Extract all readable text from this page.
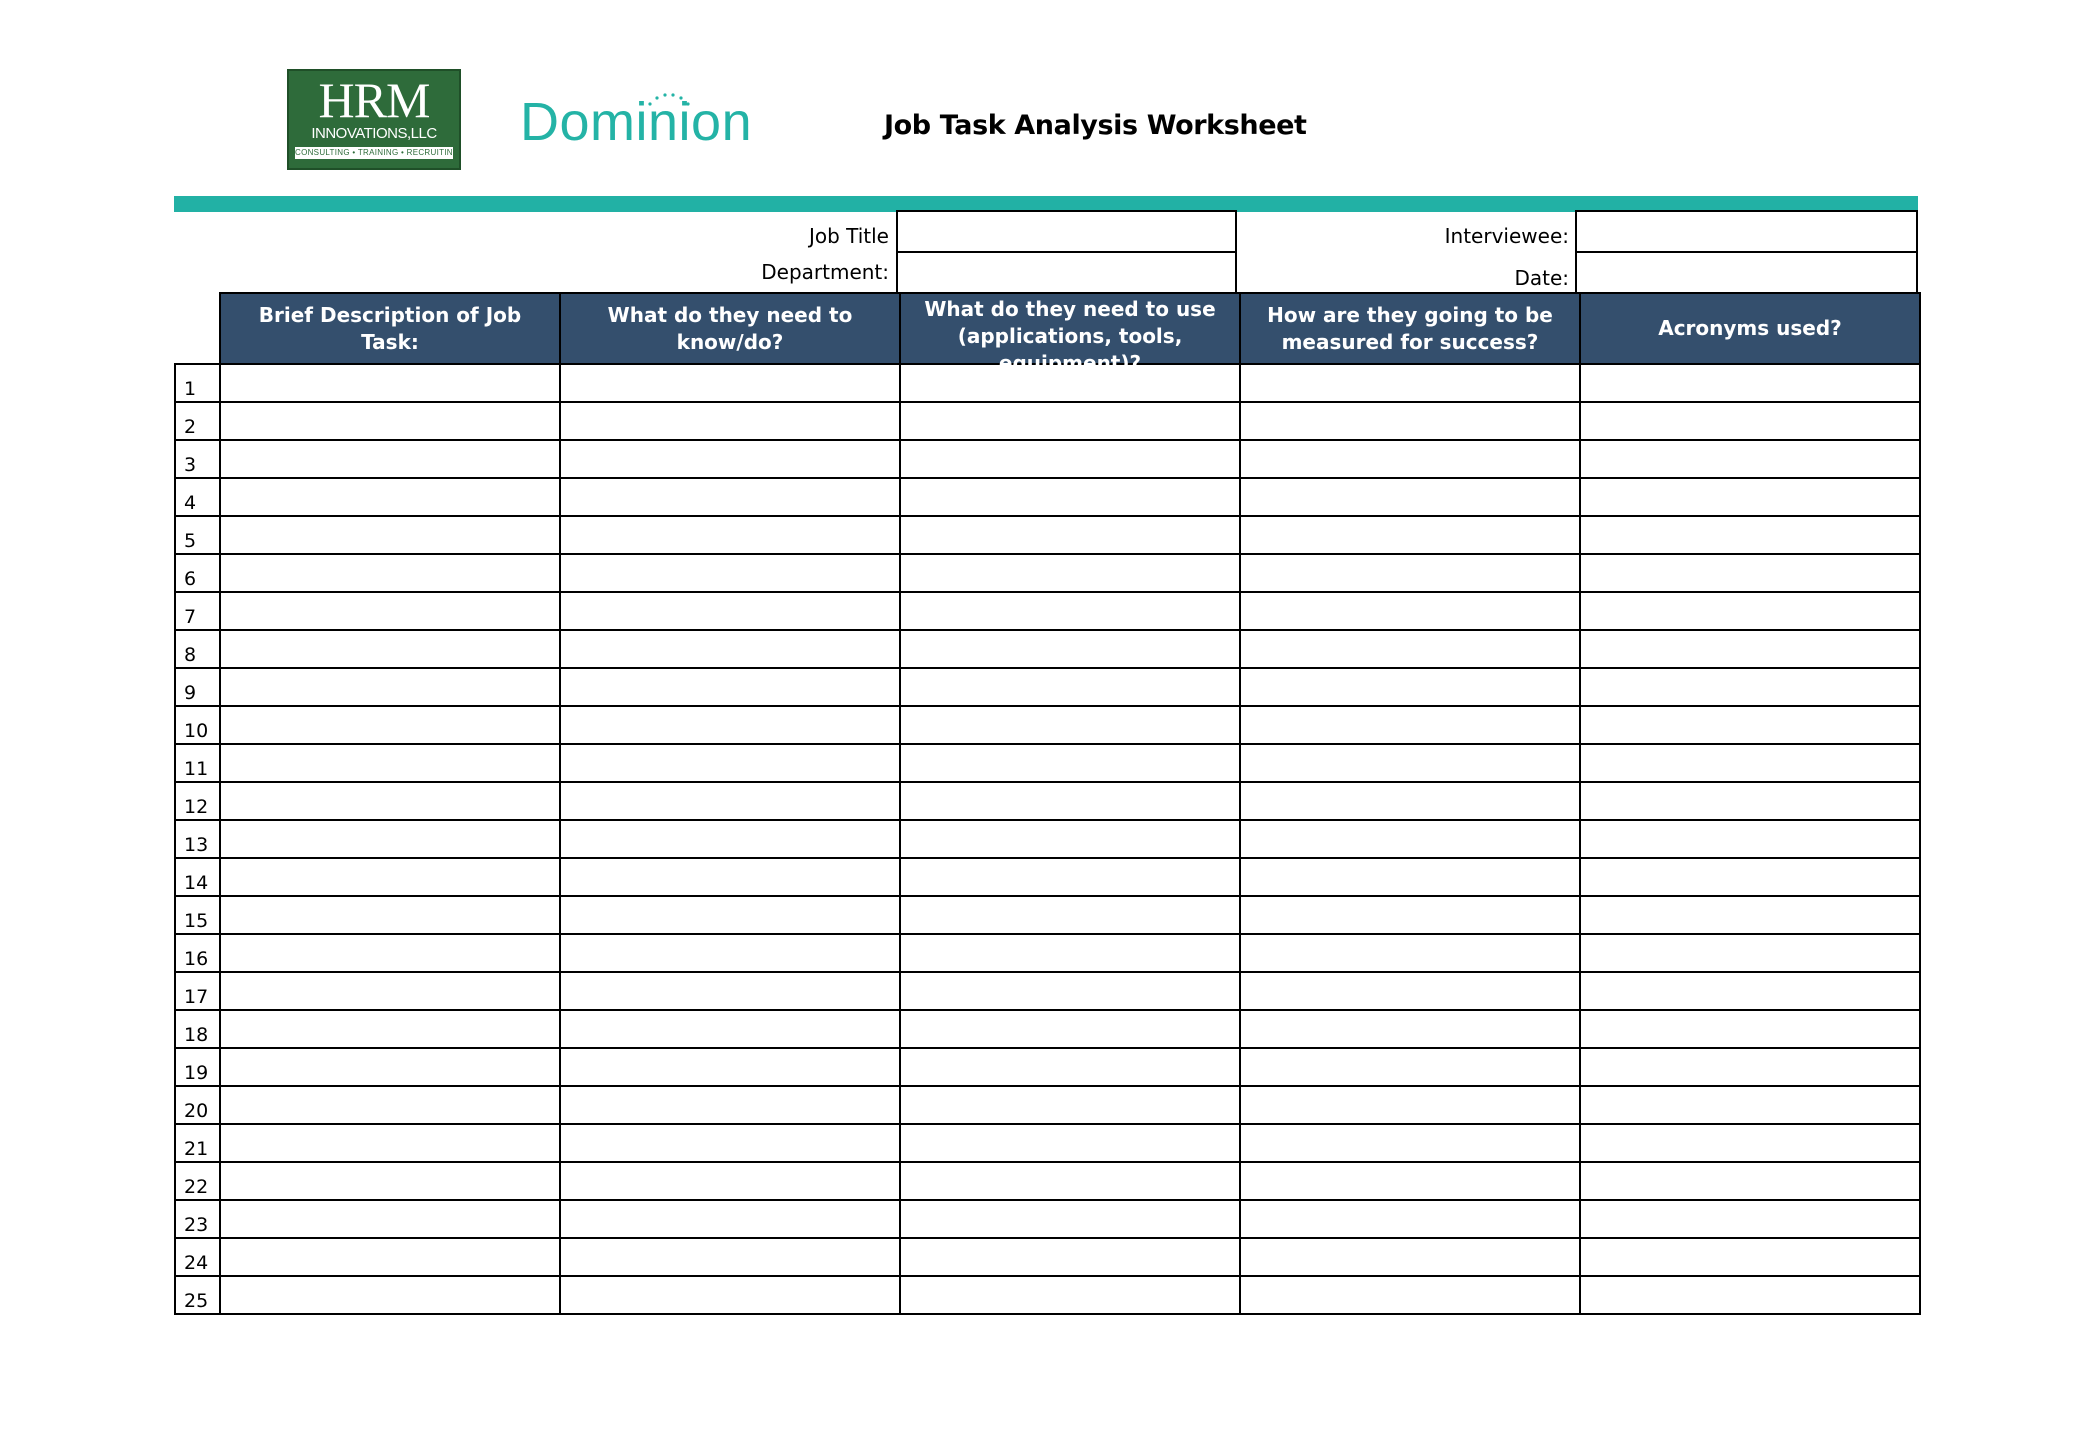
HRM
INNOVATIONS,LLC
CONSULTING • TRAINING • RECRUITING
Dominion	Job Task Analysis Worksheet
Job Title
Department:
Interviewee:
Date:

	Brief Description of Job Task:	What do they need to know/do?	What do they need to use (applications, tools, equipment)?	How are they going to be measured for success?	Acronyms used?

1					
2					
3					
4					
5					
6					
7					
8					
9					
10					
11					
12					
13					
14					
15					
16					
17					
18					
19					
20					
21					
22					
23					
24					
25					
